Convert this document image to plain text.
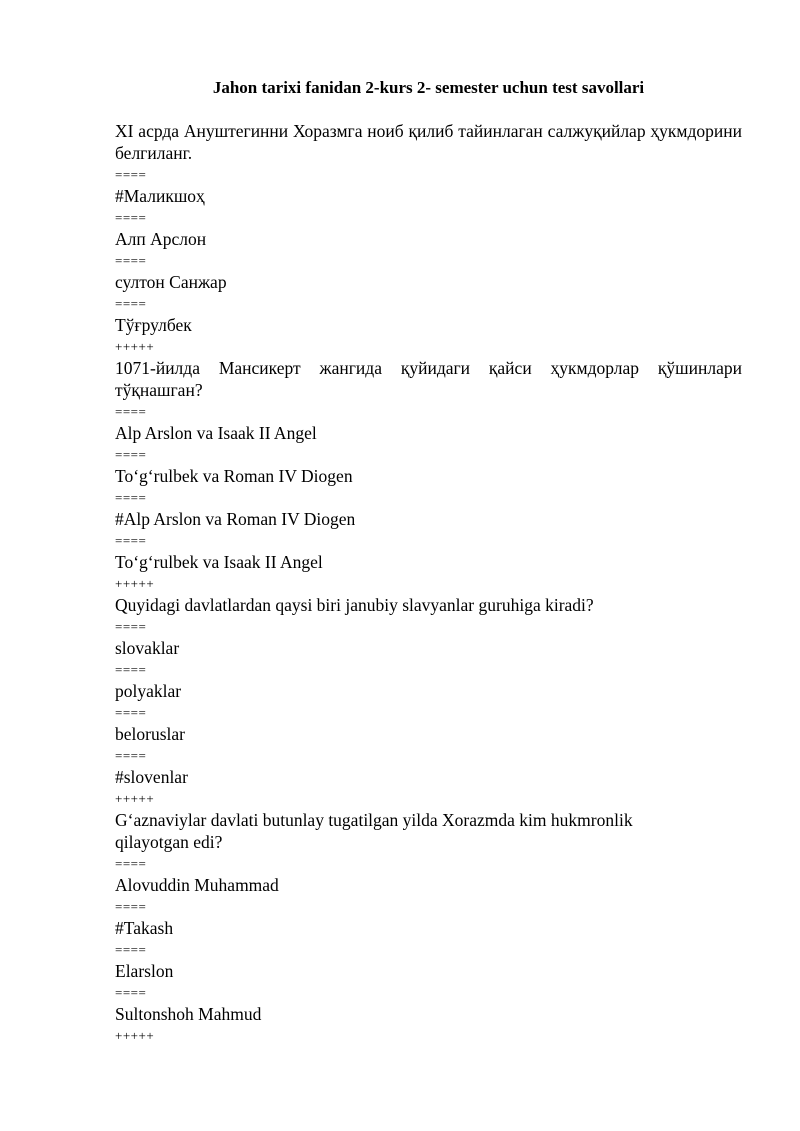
Jahon tarixi fanidan 2-kurs 2- semester uchun test savollari

XI асрда Ануштегинни Хоразмга ноиб қилиб тайинлаган салжуқийлар ҳукмдорини белгиланг.

====
#Маликшоҳ
====
Алп Арслон
====
султон Санжар
====
Тўғрулбек
+++++

1071-йилда Мансикерт жангида қуйидаги қайси ҳукмдорлар қўшинлари тўқнашган?

====
Alp Arslon va Isaak II Angel
====
To‘g‘rulbek va Roman IV Diogen
====
#Alp Arslon va Roman IV Diogen
====
To‘g‘rulbek va Isaak II Angel
+++++

Quyidagi davlatlardan qaysi biri janubiy slavyanlar guruhiga kiradi?

====
slovaklar
====
polyaklar
====
beloruslar
====
#slovenlar
+++++

G‘aznaviylar davlati butunlay tugatilgan yilda Xorazmda kim hukmronlik qilayotgan edi?

====
Alovuddin Muhammad
====
#Takash
====
Elarslon
====
Sultonshoh Mahmud
+++++
